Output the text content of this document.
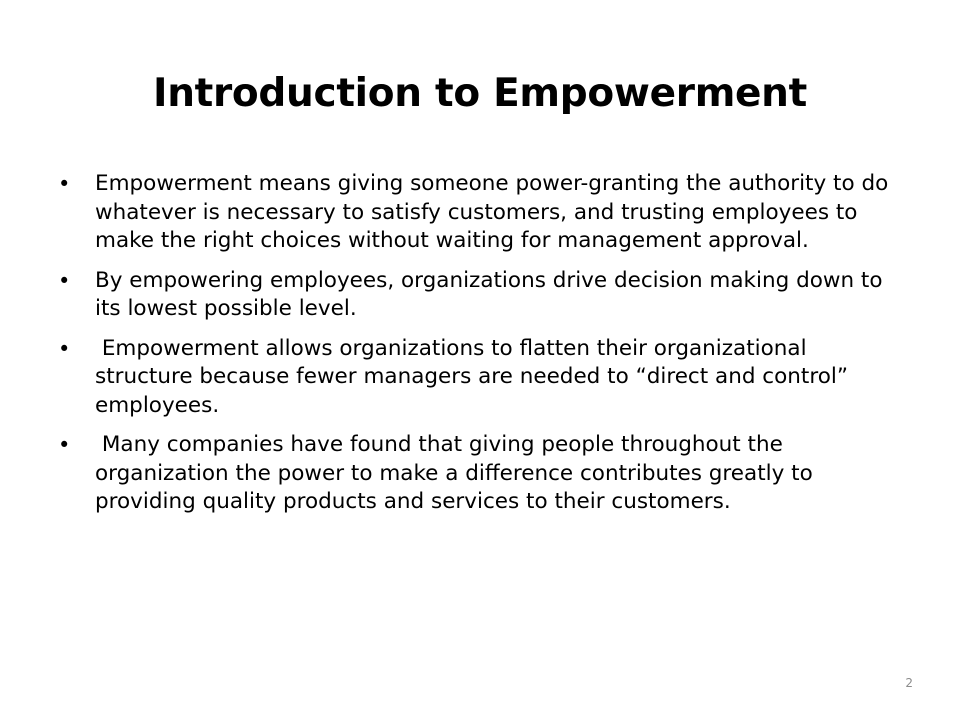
Introduction to Empowerment
•	Empowerment means giving someone power-granting the authority to do whatever is necessary to satisfy customers, and trusting employees to make the right choices without waiting for management approval.
•	By empowering employees, organizations drive decision making down to its lowest possible level.
•	Empowerment allows organizations to flatten their organizational structure because fewer managers are needed to “direct and control” employees.
•	Many companies have found that giving people throughout the organization the power to make a difference contributes greatly to providing quality products and services to their customers.
2
